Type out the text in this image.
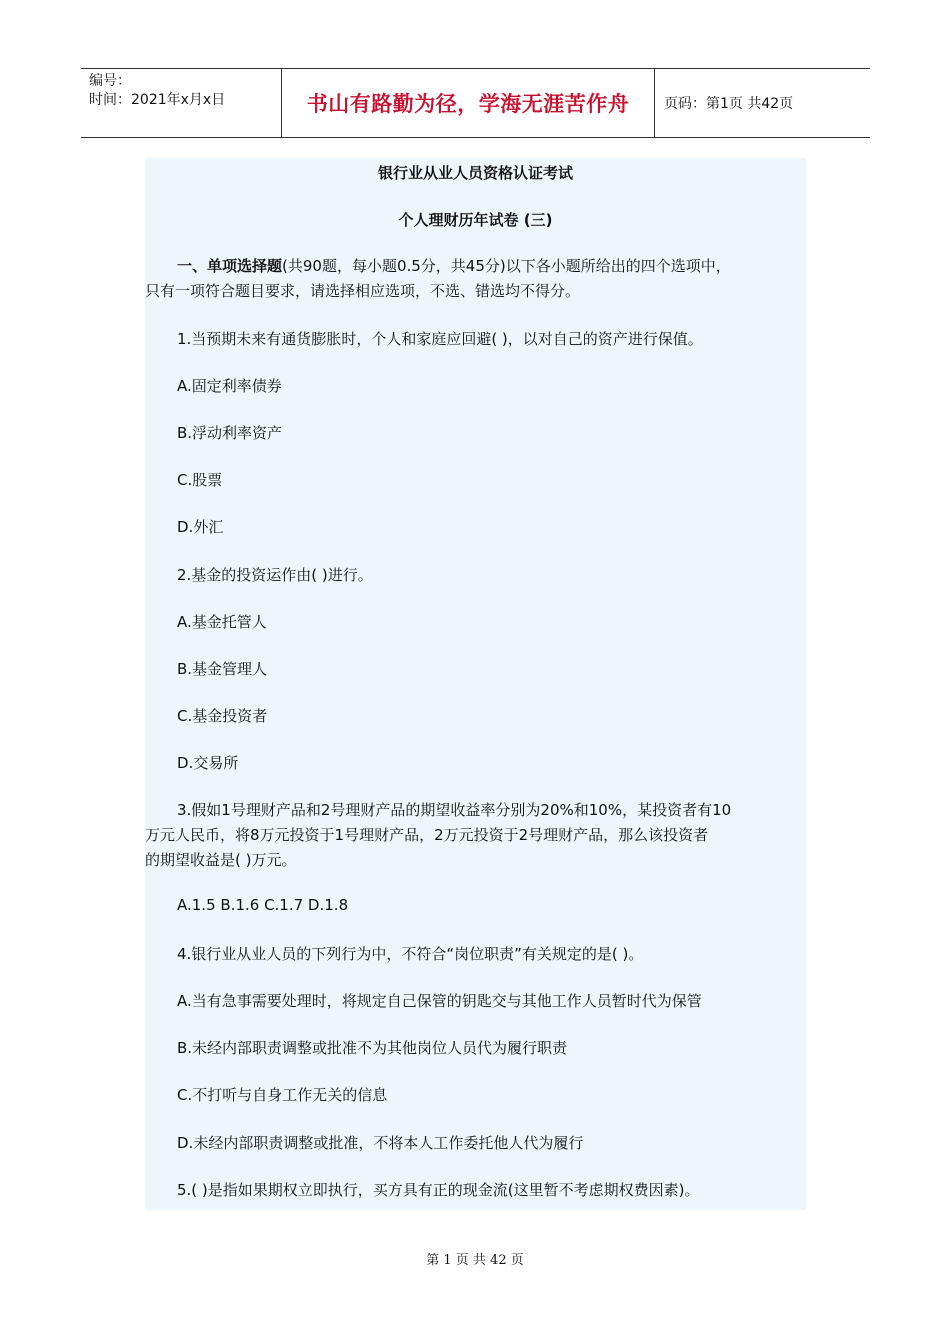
编号：
时间：2021年x月x日	书山有路勤为径，学海无涯苦作舟	页码：第1页 共42页
银行业从业人员资格认证考试
个人理财历年试卷 (三)
一、单项选择题(共90题，每小题0.5分，共45分)以下各小题所给出的四个选项中，
只有一项符合题目要求，请选择相应选项，不选、错选均不得分。
1.当预期未来有通货膨胀时，个人和家庭应回避( )，以对自己的资产进行保值。
A.固定利率债券
B.浮动利率资产
C.股票
D.外汇
2.基金的投资运作由( )进行。
A.基金托管人
B.基金管理人
C.基金投资者
D.交易所
3.假如1号理财产品和2号理财产品的期望收益率分别为20%和10%，某投资者有10
万元人民币，将8万元投资于1号理财产品，2万元投资于2号理财产品，那么该投资者
的期望收益是( )万元。
A.1.5 B.1.6 C.1.7 D.1.8
4.银行业从业人员的下列行为中，不符合“岗位职责”有关规定的是( )。
A.当有急事需要处理时，将规定自己保管的钥匙交与其他工作人员暂时代为保管
B.未经内部职责调整或批准不为其他岗位人员代为履行职责
C.不打听与自身工作无关的信息
D.未经内部职责调整或批准，不将本人工作委托他人代为履行
5.( )是指如果期权立即执行，买方具有正的现金流(这里暂不考虑期权费因素)。
第 1 页 共 42 页
